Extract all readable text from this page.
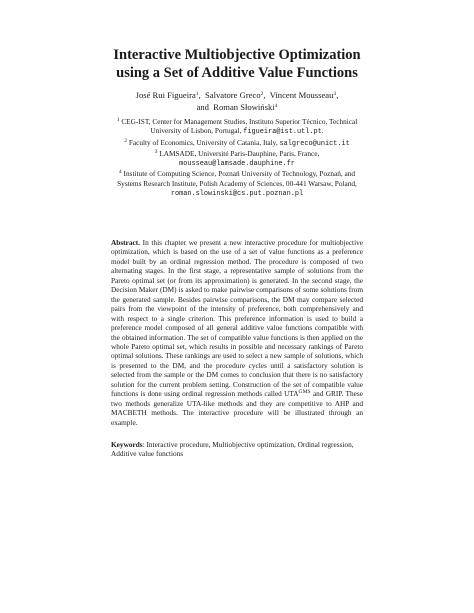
Interactive Multiobjective Optimization
using a Set of Additive Value Functions
José Rui Figueira$^1$, Salvatore Greco$^2$, Vincent Mousseau$^3$,
and Roman Słowiński$^4$
$^1$ CEG-IST, Center for Management Studies, Instituto Superior Técnico, Technical
University of Lisbon, Portugal, figueira@ist.utl.pt.
$^2$ Faculty of Economics, University of Catania, Italy, salgreco@unict.it
$^3$ LAMSADE, Université Paris-Dauphine, Paris, France,
mousseau@lamsade.dauphine.fr
$^4$ Institute of Computing Science, Poznań University of Technology, Poznań, and
Systems Research Institute, Polish Academy of Sciences, 00-441 Warsaw, Poland,
roman.slowinski@cs.put.poznan.pl

Abstract. In this chapter we present a new interactive procedure for multiobjective optimization, which is based on the use of a set of value functions as a preference model built by an ordinal regression method. The procedure is composed of two alternating stages. In the first stage, a representative sample of solutions from the Pareto optimal set (or from its approximation) is generated. In the second stage, the Decision Maker (DM) is asked to make pairwise comparisons of some solutions from the generated sample. Besides pairwise comparisons, the DM may compare selected pairs from the viewpoint of the intensity of preference, both comprehensively and with respect to a single criterion. This preference information is used to build a preference model composed of all general additive value functions compatible with the obtained information. The set of compatible value functions is then applied on the whole Pareto optimal set, which results in possible and necessary rankings of Pareto optimal solutions. These rankings are used to select a new sample of solutions, which is presented to the DM, and the procedure cycles until a satisfactory solution is selected from the sample or the DM comes to conclusion that there is no satisfactory solution for the current problem setting. Construction of the set of compatible value functions is done using ordinal regression methods called $UTA^{GMS}$ and GRIP. These two methods generalize UTA-like methods and they are competitive to AHP and MACBETH methods. The interactive procedure will be illustrated through an example.

Keywords: Interactive procedure, Multiobjective optimization, Ordinal regression, Additive value functions
